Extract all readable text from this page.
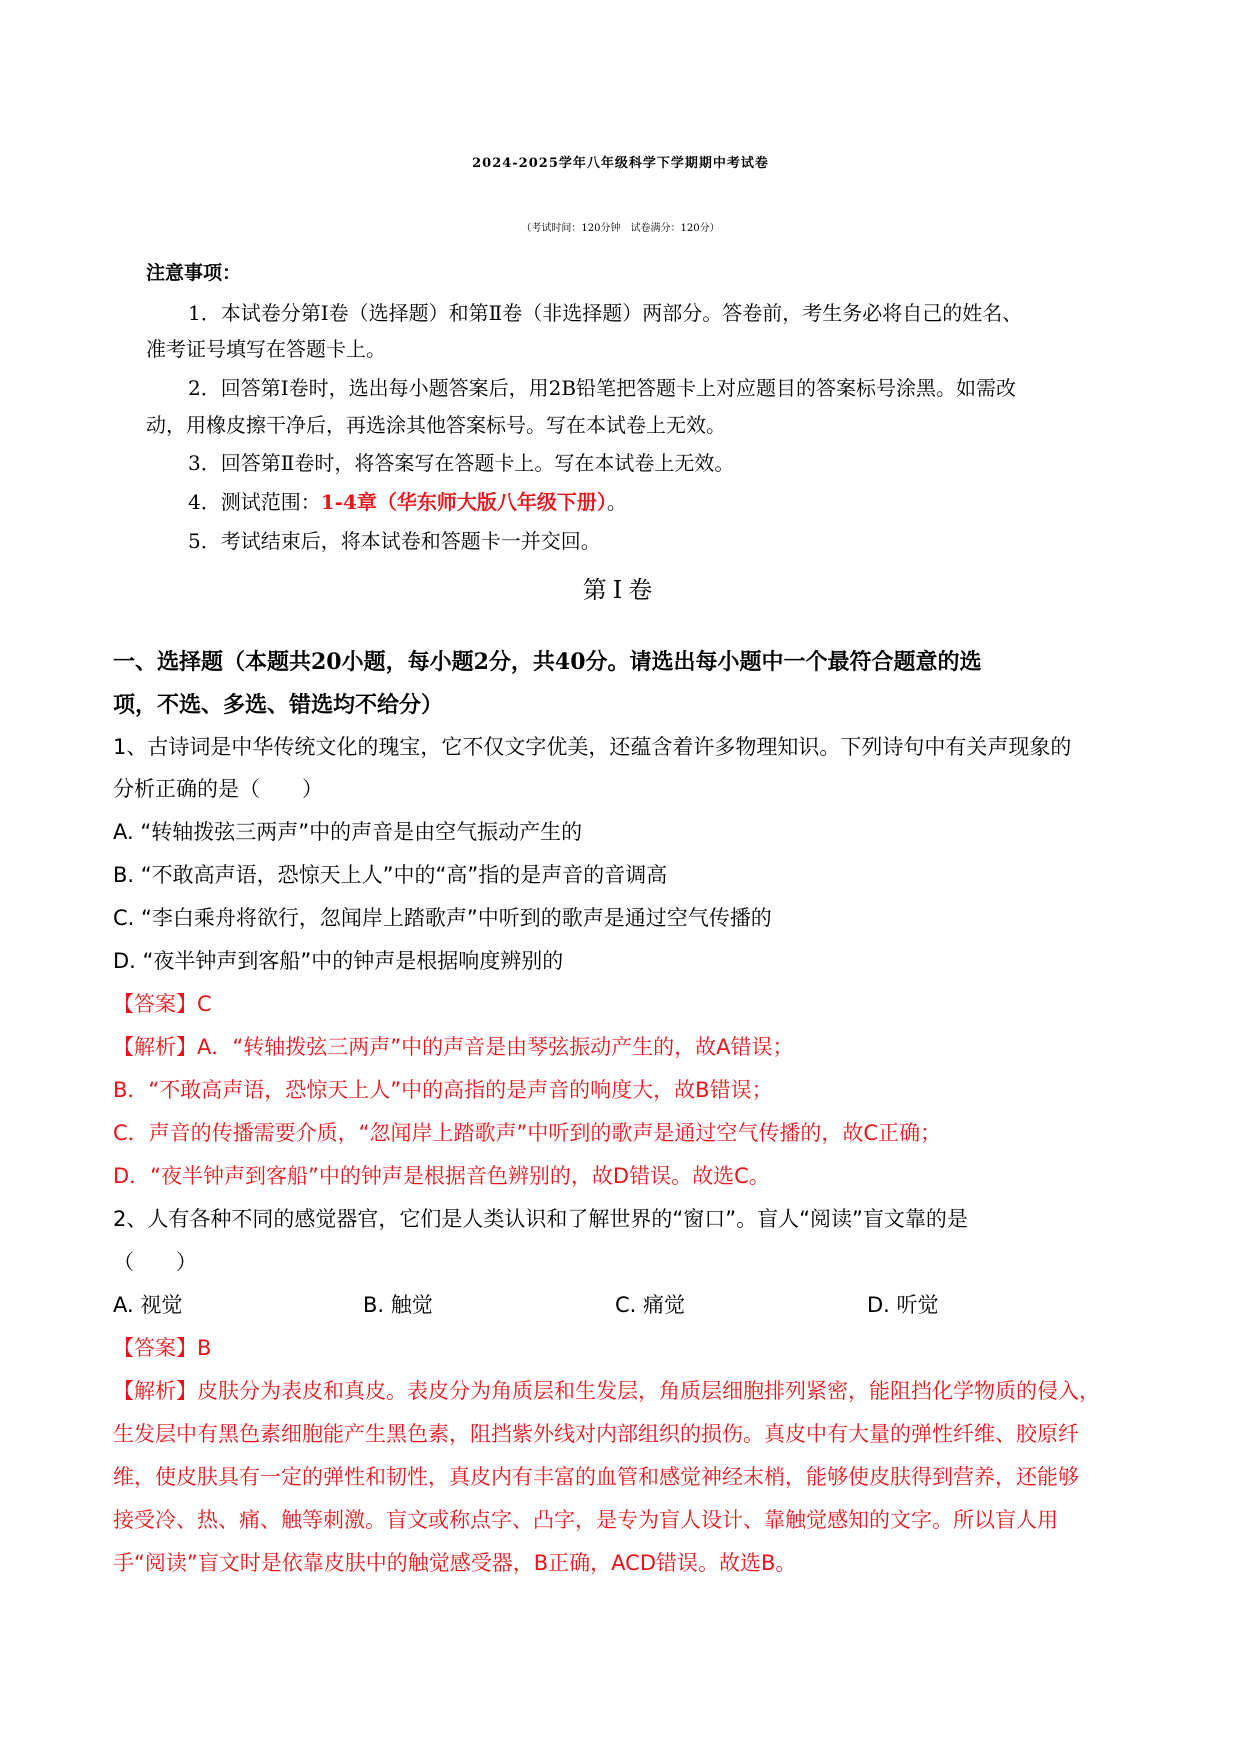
2024-2025学年八年级科学下学期期中考试卷
（考试时间：120分钟　试卷满分：120分）
注意事项：
1．本试卷分第Ⅰ卷（选择题）和第Ⅱ卷（非选择题）两部分。答卷前，考生务必将自己的姓名、
准考证号填写在答题卡上。
2．回答第Ⅰ卷时，选出每小题答案后，用2B铅笔把答题卡上对应题目的答案标号涂黑。如需改
动，用橡皮擦干净后，再选涂其他答案标号。写在本试卷上无效。
3．回答第Ⅱ卷时，将答案写在答题卡上。写在本试卷上无效。
4．测试范围：1-4章（华东师大版八年级下册）。
5．考试结束后，将本试卷和答题卡一并交回。
第Ⅰ卷
一、选择题（本题共20小题，每小题2分，共40分。请选出每小题中一个最符合题意的选
项，不选、多选、错选均不给分）
1、古诗词是中华传统文化的瑰宝，它不仅文字优美，还蕴含着许多物理知识。下列诗句中有关声现象的
分析正确的是（　　）
A. “转轴拨弦三两声”中的声音是由空气振动产生的
B. “不敢高声语，恐惊天上人”中的“高”指的是声音的音调高
C. “李白乘舟将欲行，忽闻岸上踏歌声”中听到的歌声是通过空气传播的
D. “夜半钟声到客船”中的钟声是根据响度辨别的
【答案】C
【解析】A．“转轴拨弦三两声”中的声音是由琴弦振动产生的，故A错误；
B．“不敢高声语，恐惊天上人”中的高指的是声音的响度大，故B错误；
C．声音的传播需要介质，“忽闻岸上踏歌声”中听到的歌声是通过空气传播的，故C正确；
D．“夜半钟声到客船”中的钟声是根据音色辨别的，故D错误。故选C。
2、人有各种不同的感觉器官，它们是人类认识和了解世界的“窗口”。盲人“阅读”盲文靠的是
（　　）
A. 视觉	B. 触觉	C. 痛觉	D. 听觉
【答案】B
【解析】皮肤分为表皮和真皮。表皮分为角质层和生发层，角质层细胞排列紧密，能阻挡化学物质的侵入，
生发层中有黑色素细胞能产生黑色素，阻挡紫外线对内部组织的损伤。真皮中有大量的弹性纤维、胶原纤
维，使皮肤具有一定的弹性和韧性，真皮内有丰富的血管和感觉神经末梢，能够使皮肤得到营养，还能够
接受冷、热、痛、触等刺激。盲文或称点字、凸字，是专为盲人设计、靠触觉感知的文字。所以盲人用
手“阅读”盲文时是依靠皮肤中的触觉感受器，B正确，ACD错误。故选B。
